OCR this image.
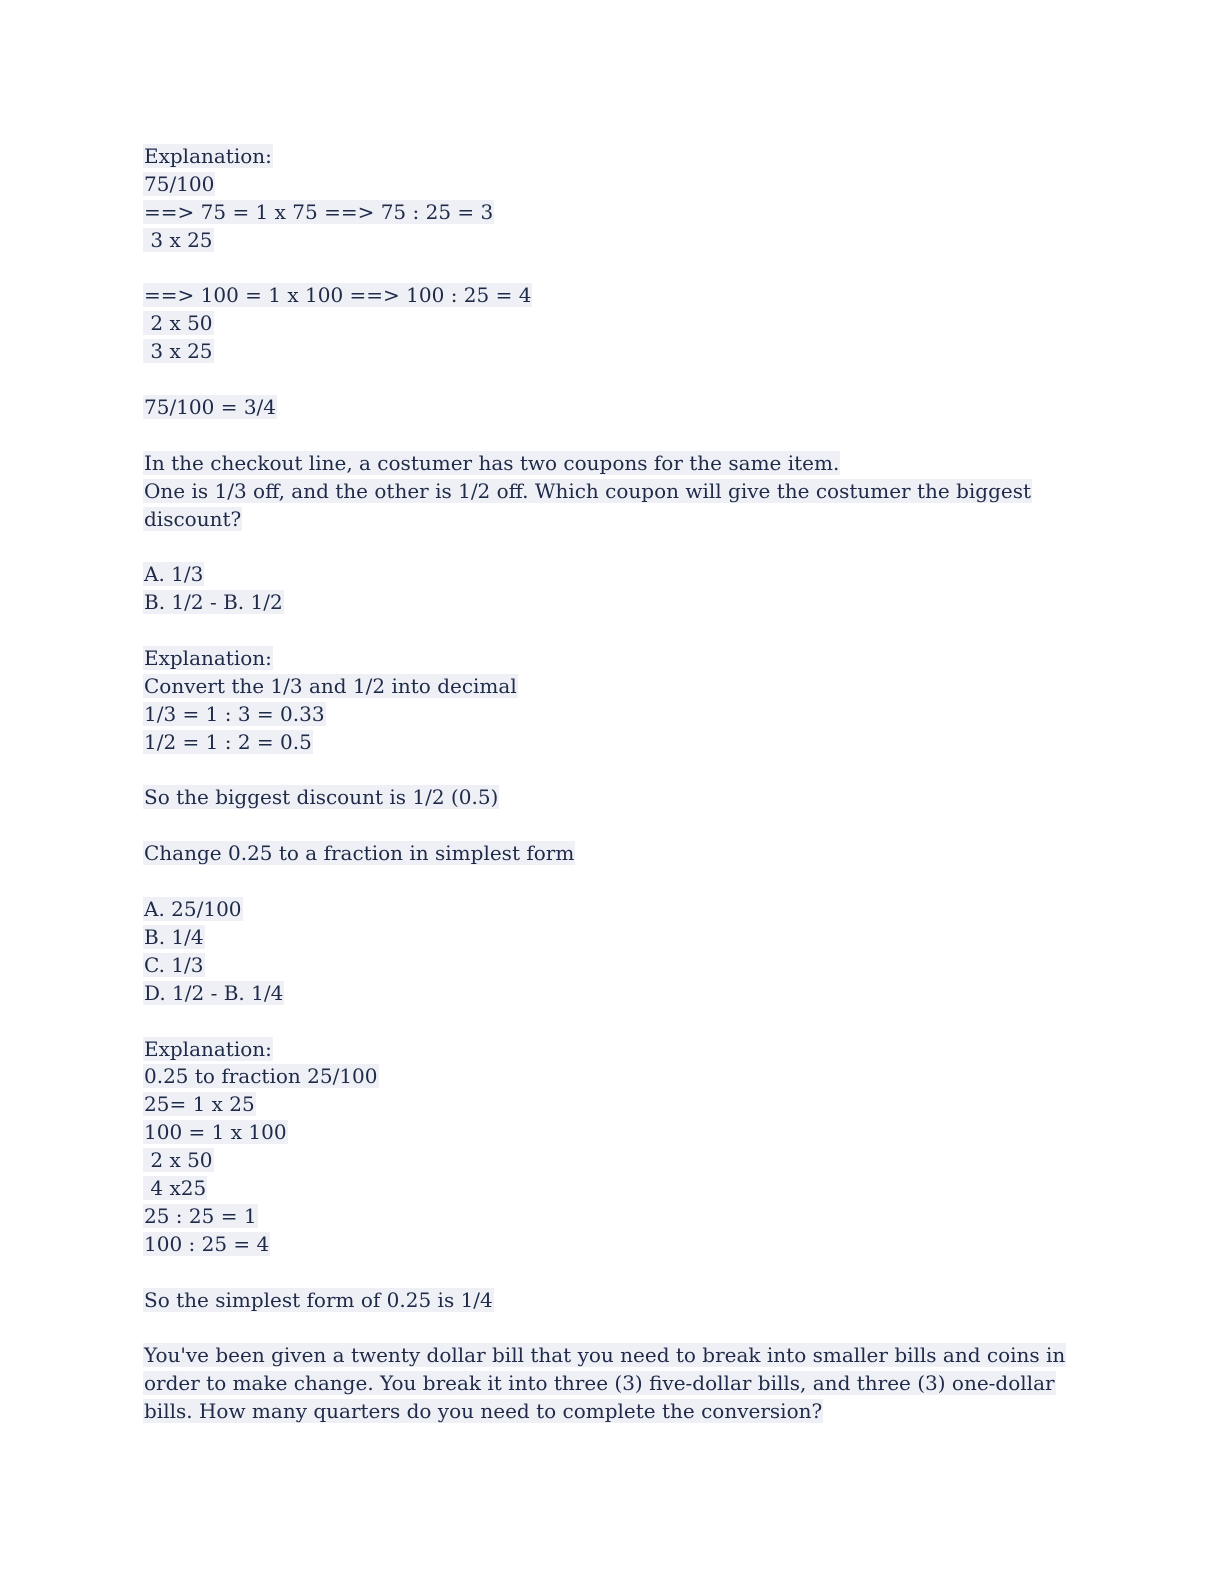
Explanation:
75/100
==> 75 = 1 x 75 ==> 75 : 25 = 3
3 x 25
==> 100 = 1 x 100 ==> 100 : 25 = 4
2 x 50
3 x 25
75/100 = 3/4
In the checkout line, a costumer has two coupons for the same item.
One is 1/3 off, and the other is 1/2 off. Which coupon will give the costumer the biggest
discount?
A. 1/3
B. 1/2 - B. 1/2
Explanation:
Convert the 1/3 and 1/2 into decimal
1/3 = 1 : 3 = 0.33
1/2 = 1 : 2 = 0.5
So the biggest discount is 1/2 (0.5)
Change 0.25 to a fraction in simplest form
A. 25/100
B. 1/4
C. 1/3
D. 1/2 - B. 1/4
Explanation:
0.25 to fraction 25/100
25= 1 x 25
100 = 1 x 100
2 x 50
4 x25
25 : 25 = 1
100 : 25 = 4
So the simplest form of 0.25 is 1/4
You've been given a twenty dollar bill that you need to break into smaller bills and coins in
order to make change. You break it into three (3) five-dollar bills, and three (3) one-dollar
bills. How many quarters do you need to complete the conversion?
